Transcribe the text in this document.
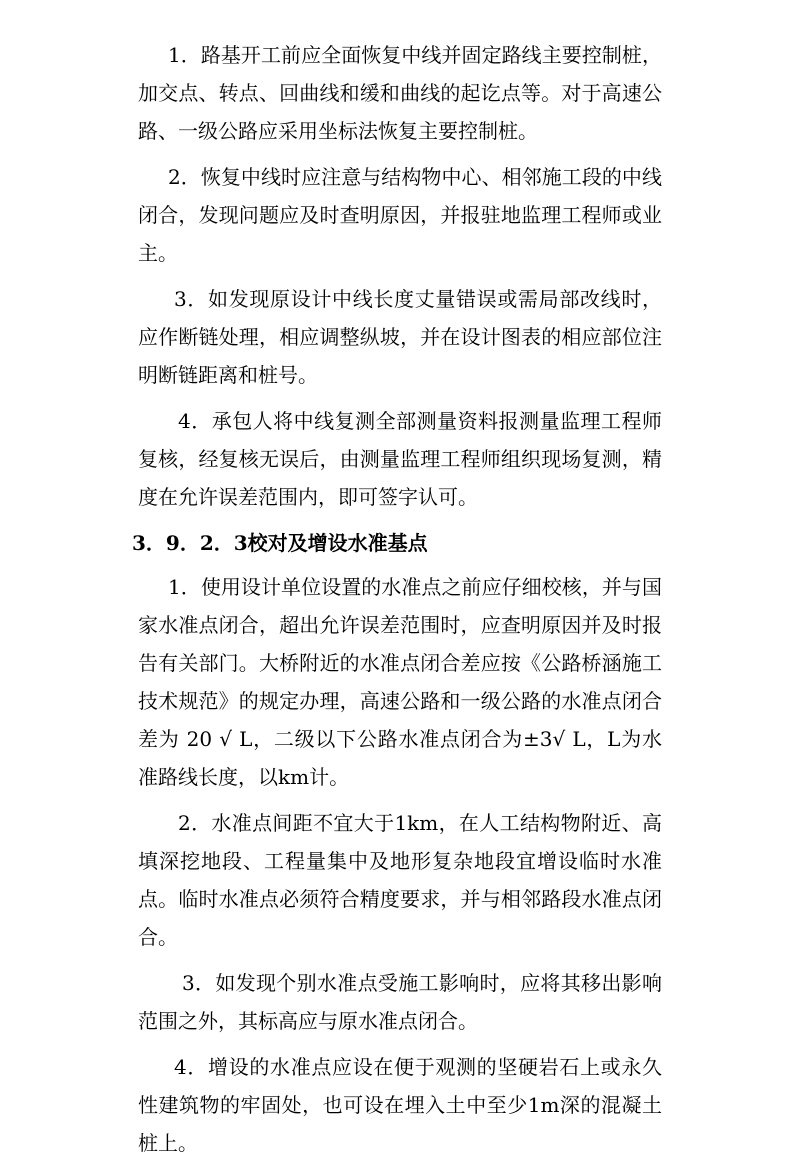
1．路基开工前应全面恢复中线并固定路线主要控制桩，加交点、转点、回曲线和缓和曲线的起讫点等。对于高速公路、一级公路应采用坐标法恢复主要控制桩。

2．恢复中线时应注意与结构物中心、相邻施工段的中线闭合，发现问题应及时查明原因，并报驻地监理工程师或业主。

3．如发现原设计中线长度丈量错误或需局部改线时，应作断链处理，相应调整纵坡，并在设计图表的相应部位注明断链距离和桩号。

4．承包人将中线复测全部测量资料报测量监理工程师复核，经复核无误后，由测量监理工程师组织现场复测，精度在允许误差范围内，即可签字认可。

3．9．2．3校对及增设水准基点

1．使用设计单位设置的水准点之前应仔细校核，并与国家水准点闭合，超出允许误差范围时，应查明原因并及时报告有关部门。大桥附近的水准点闭合差应按《公路桥涵施工技术规范》的规定办理，高速公路和一级公路的水准点闭合差为 20 √ L，二级以下公路水准点闭合为±3√ L，L为水准路线长度，以km计。

2．水准点间距不宜大于1km，在人工结构物附近、高填深挖地段、工程量集中及地形复杂地段宜增设临时水准点。临时水准点必须符合精度要求，并与相邻路段水准点闭合。

3．如发现个别水准点受施工影响时，应将其移出影响范围之外，其标高应与原水准点闭合。

4．增设的水准点应设在便于观测的坚硬岩石上或永久性建筑物的牢固处，也可设在埋入土中至少1m深的混凝土桩上。
